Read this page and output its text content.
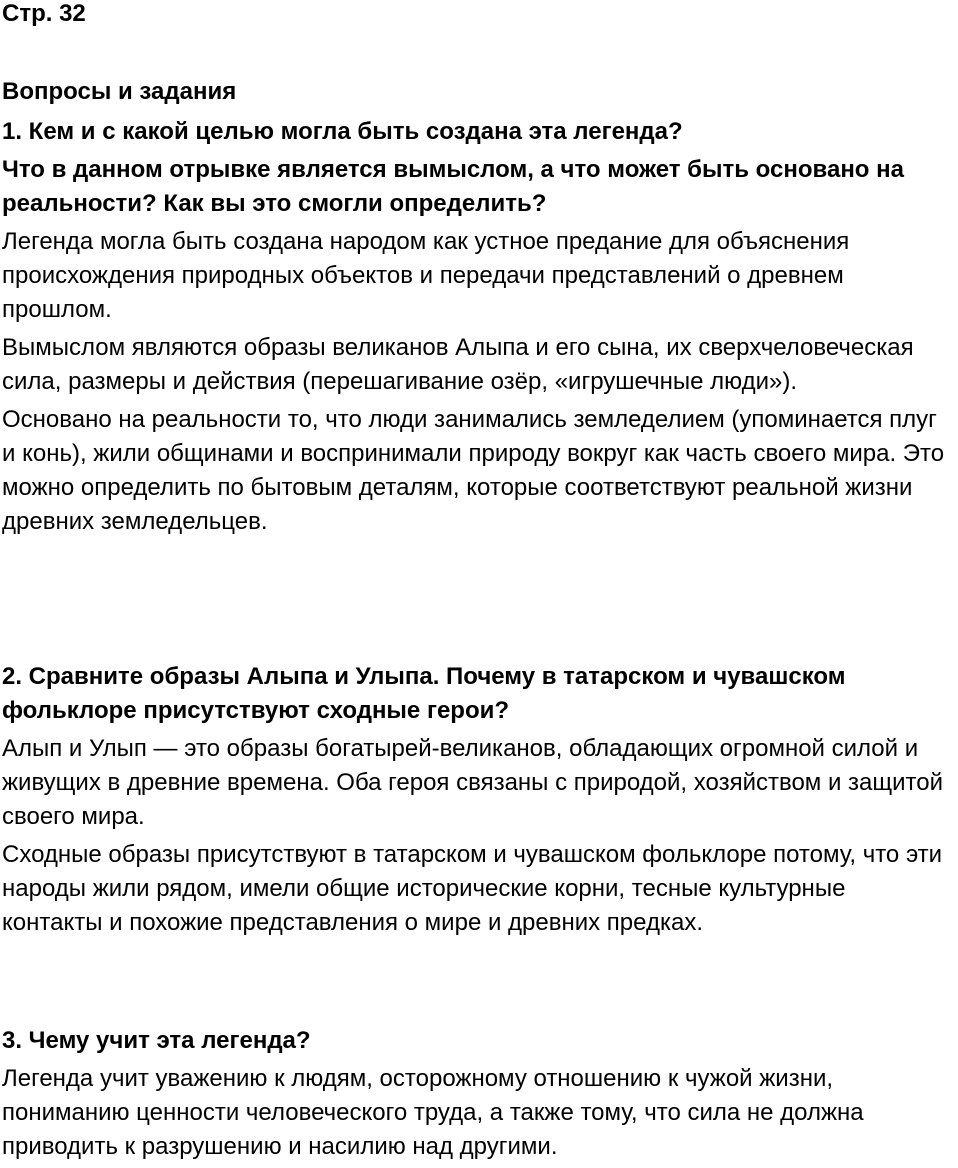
Стр. 32

Вопросы и задания

1. Кем и с какой целью могла быть создана эта легенда?

Что в данном отрывке является вымыслом, а что может быть основано на реальности? Как вы это смогли определить?

Легенда могла быть создана народом как устное предание для объяснения происхождения природных объектов и передачи представлений о древнем прошлом.

Вымыслом являются образы великанов Алыпа и его сына, их сверхчеловеческая сила, размеры и действия (перешагивание озёр, «игрушечные люди»).

Основано на реальности то, что люди занимались земледелием (упоминается плуг и конь), жили общинами и воспринимали природу вокруг как часть своего мира. Это можно определить по бытовым деталям, которые соответствуют реальной жизни древних земледельцев.

2. Сравните образы Алыпа и Улыпа. Почему в татарском и чувашском фольклоре присутствуют сходные герои?

Алып и Улып — это образы богатырей-великанов, обладающих огромной силой и живущих в древние времена. Оба героя связаны с природой, хозяйством и защитой своего мира.

Сходные образы присутствуют в татарском и чувашском фольклоре потому, что эти народы жили рядом, имели общие исторические корни, тесные культурные контакты и похожие представления о мире и древних предках.

3. Чему учит эта легенда?

Легенда учит уважению к людям, осторожному отношению к чужой жизни, пониманию ценности человеческого труда, а также тому, что сила не должна приводить к разрушению и насилию над другими.
